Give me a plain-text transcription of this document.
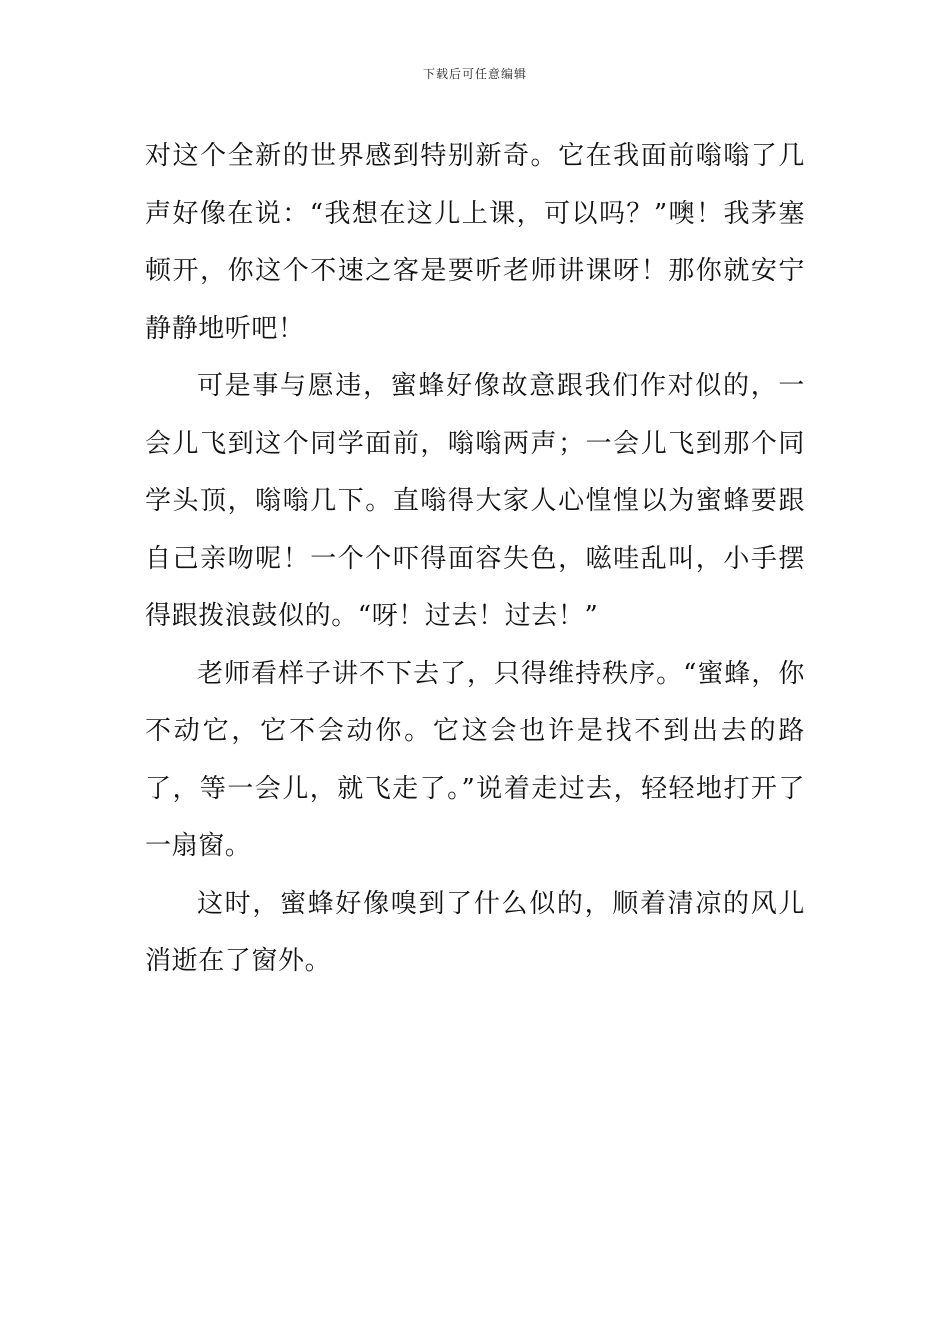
下载后可任意编辑

对这个全新的世界感到特别新奇。它在我面前嗡嗡了几声好像在说：“我想在这儿上课，可以吗？”噢！我茅塞顿开，你这个不速之客是要听老师讲课呀！那你就安宁静静地听吧！

可是事与愿违，蜜蜂好像故意跟我们作对似的，一会儿飞到这个同学面前，嗡嗡两声；一会儿飞到那个同学头顶，嗡嗡几下。直嗡得大家人心惶惶以为蜜蜂要跟自己亲吻呢！一个个吓得面容失色，嗞哇乱叫，小手摆得跟拨浪鼓似的。“呀！过去！过去！”

老师看样子讲不下去了，只得维持秩序。“蜜蜂，你不动它，它不会动你。它这会也许是找不到出去的路了，等一会儿，就飞走了。”说着走过去，轻轻地打开了一扇窗。

这时，蜜蜂好像嗅到了什么似的，顺着清凉的风儿消逝在了窗外。
